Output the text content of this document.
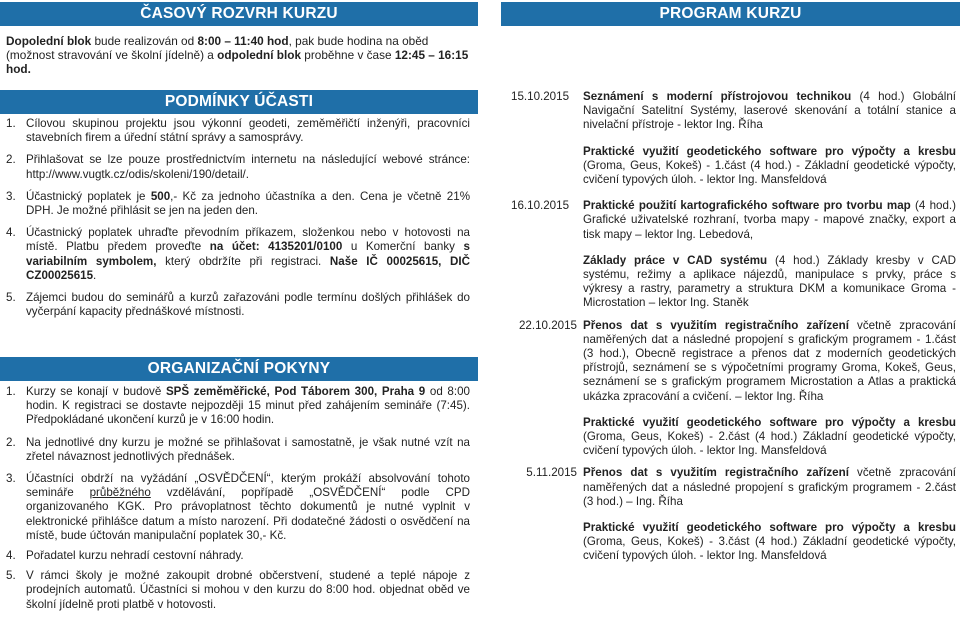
ČASOVÝ ROZVRH KURZU

Dopolední blok bude realizován od 8:00 – 11:40 hod, pak bude hodina na oběd (možnost stravování ve školní jídelně) a odpolední blok proběhne v čase 12:45 – 16:15 hod.

PODMÍNKY ÚČASTI
1. Cílovou skupinou projektu jsou výkonní geodeti, zeměměřičtí inženýři, pracovníci stavebních firem a úřední státní správy a samosprávy.
2. Přihlašovat se lze pouze prostřednictvím internetu na následující webové stránce: http://www.vugtk.cz/odis/skoleni/190/detail/.
3. Účastnický poplatek je 500,- Kč za jednoho účastníka a den. Cena je včetně 21% DPH. Je možné přihlásit se jen na jeden den.
4. Účastnický poplatek uhraďte převodním příkazem, složenkou nebo v hotovosti na místě. Platbu předem proveďte na účet: 4135201/0100 u Komerční banky s variabilním symbolem, který obdržíte při registraci. Naše IČ 00025615, DIČ CZ00025615.
5. Zájemci budou do seminářů a kurzů zařazováni podle termínu došlých přihlášek do vyčerpání kapacity přednáškové místnosti.
ORGANIZAČNÍ POKYNY
1. Kurzy se konají v budově SPŠ zeměměřické, Pod Táborem 300, Praha 9 od 8:00 hodin. K registraci se dostavte nejpozději 15 minut před zahájením semináře (7:45). Předpokládané ukončení kurzů je v 16:00 hodin.
2. Na jednotlivé dny kurzu je možné se přihlašovat i samostatně, je však nutné vzít na zřetel návaznost jednotlivých přednášek.
3. Účastníci obdrží na vyžádání „OSVĚDČENÍ“, kterým prokáží absolvování tohoto semináře průběžného vzdělávání, popřípadě „OSVĚDČENÍ“ podle CPD organizovaného KGK. Pro právoplatnost těchto dokumentů je nutné vyplnit v elektronické přihlášce datum a místo narození. Při dodatečné žádosti o osvědčení na místě, bude účtován manipulační poplatek 30,- Kč.
4. Pořadatel kurzu nehradí cestovní náhrady.
5. V rámci školy je možné zakoupit drobné občerstvení, studené a teplé nápoje z prodejních automatů. Účastníci si mohou v den kurzu do 8:00 hod. objednat oběd ve školní jídelně proti platbě v hotovosti.
PROGRAM KURZU
15.10.2015	Seznámení s moderní přístrojovou technikou (4 hod.) Globální Navigační Satelitní Systémy, laserové skenování a totální stanice a nivelační přístroje - lektor Ing. Říha
Praktické využití geodetického software pro výpočty a kresbu (Groma, Geus, Kokeš) - 1.část (4 hod.) - Základní geodetické výpočty, cvičení typových úloh. - lektor Ing. Mansfeldová
16.10.2015	Praktické použití kartografického software pro tvorbu map (4 hod.) Grafické uživatelské rozhraní, tvorba mapy - mapové značky, export a tisk mapy – lektor Ing. Lebedová,
Základy práce v CAD systému (4 hod.) Základy kresby v CAD systému, režimy a aplikace nájezdů, manipulace s prvky, práce s výkresy a rastry, parametry a struktura DKM a komunikace Groma - Microstation – lektor Ing. Staněk
22.10.2015 Přenos dat s využitím registračního zařízení včetně zpracování naměřených dat a následné propojení s grafickým programem - 1.část (3 hod.), Obecně registrace a přenos dat z moderních geodetických přístrojů, seznámení se s výpočetními programy Groma, Kokeš, Geus, seznámení se s grafickým programem Microstation a Atlas a praktická ukázka zpracování a cvičení. – lektor Ing. Říha
Praktické využití geodetického software pro výpočty a kresbu (Groma, Geus, Kokeš) - 2.část (4 hod.) Základní geodetické výpočty, cvičení typových úloh. - lektor Ing. Mansfeldová
5.11.2015 Přenos dat s využitím registračního zařízení včetně zpracování naměřených dat a následné propojení s grafickým programem - 2.část (3 hod.) – Ing. Říha
Praktické využití geodetického software pro výpočty a kresbu (Groma, Geus, Kokeš) - 3.část (4 hod.) Základní geodetické výpočty, cvičení typových úloh. - lektor Ing. Mansfeldová
